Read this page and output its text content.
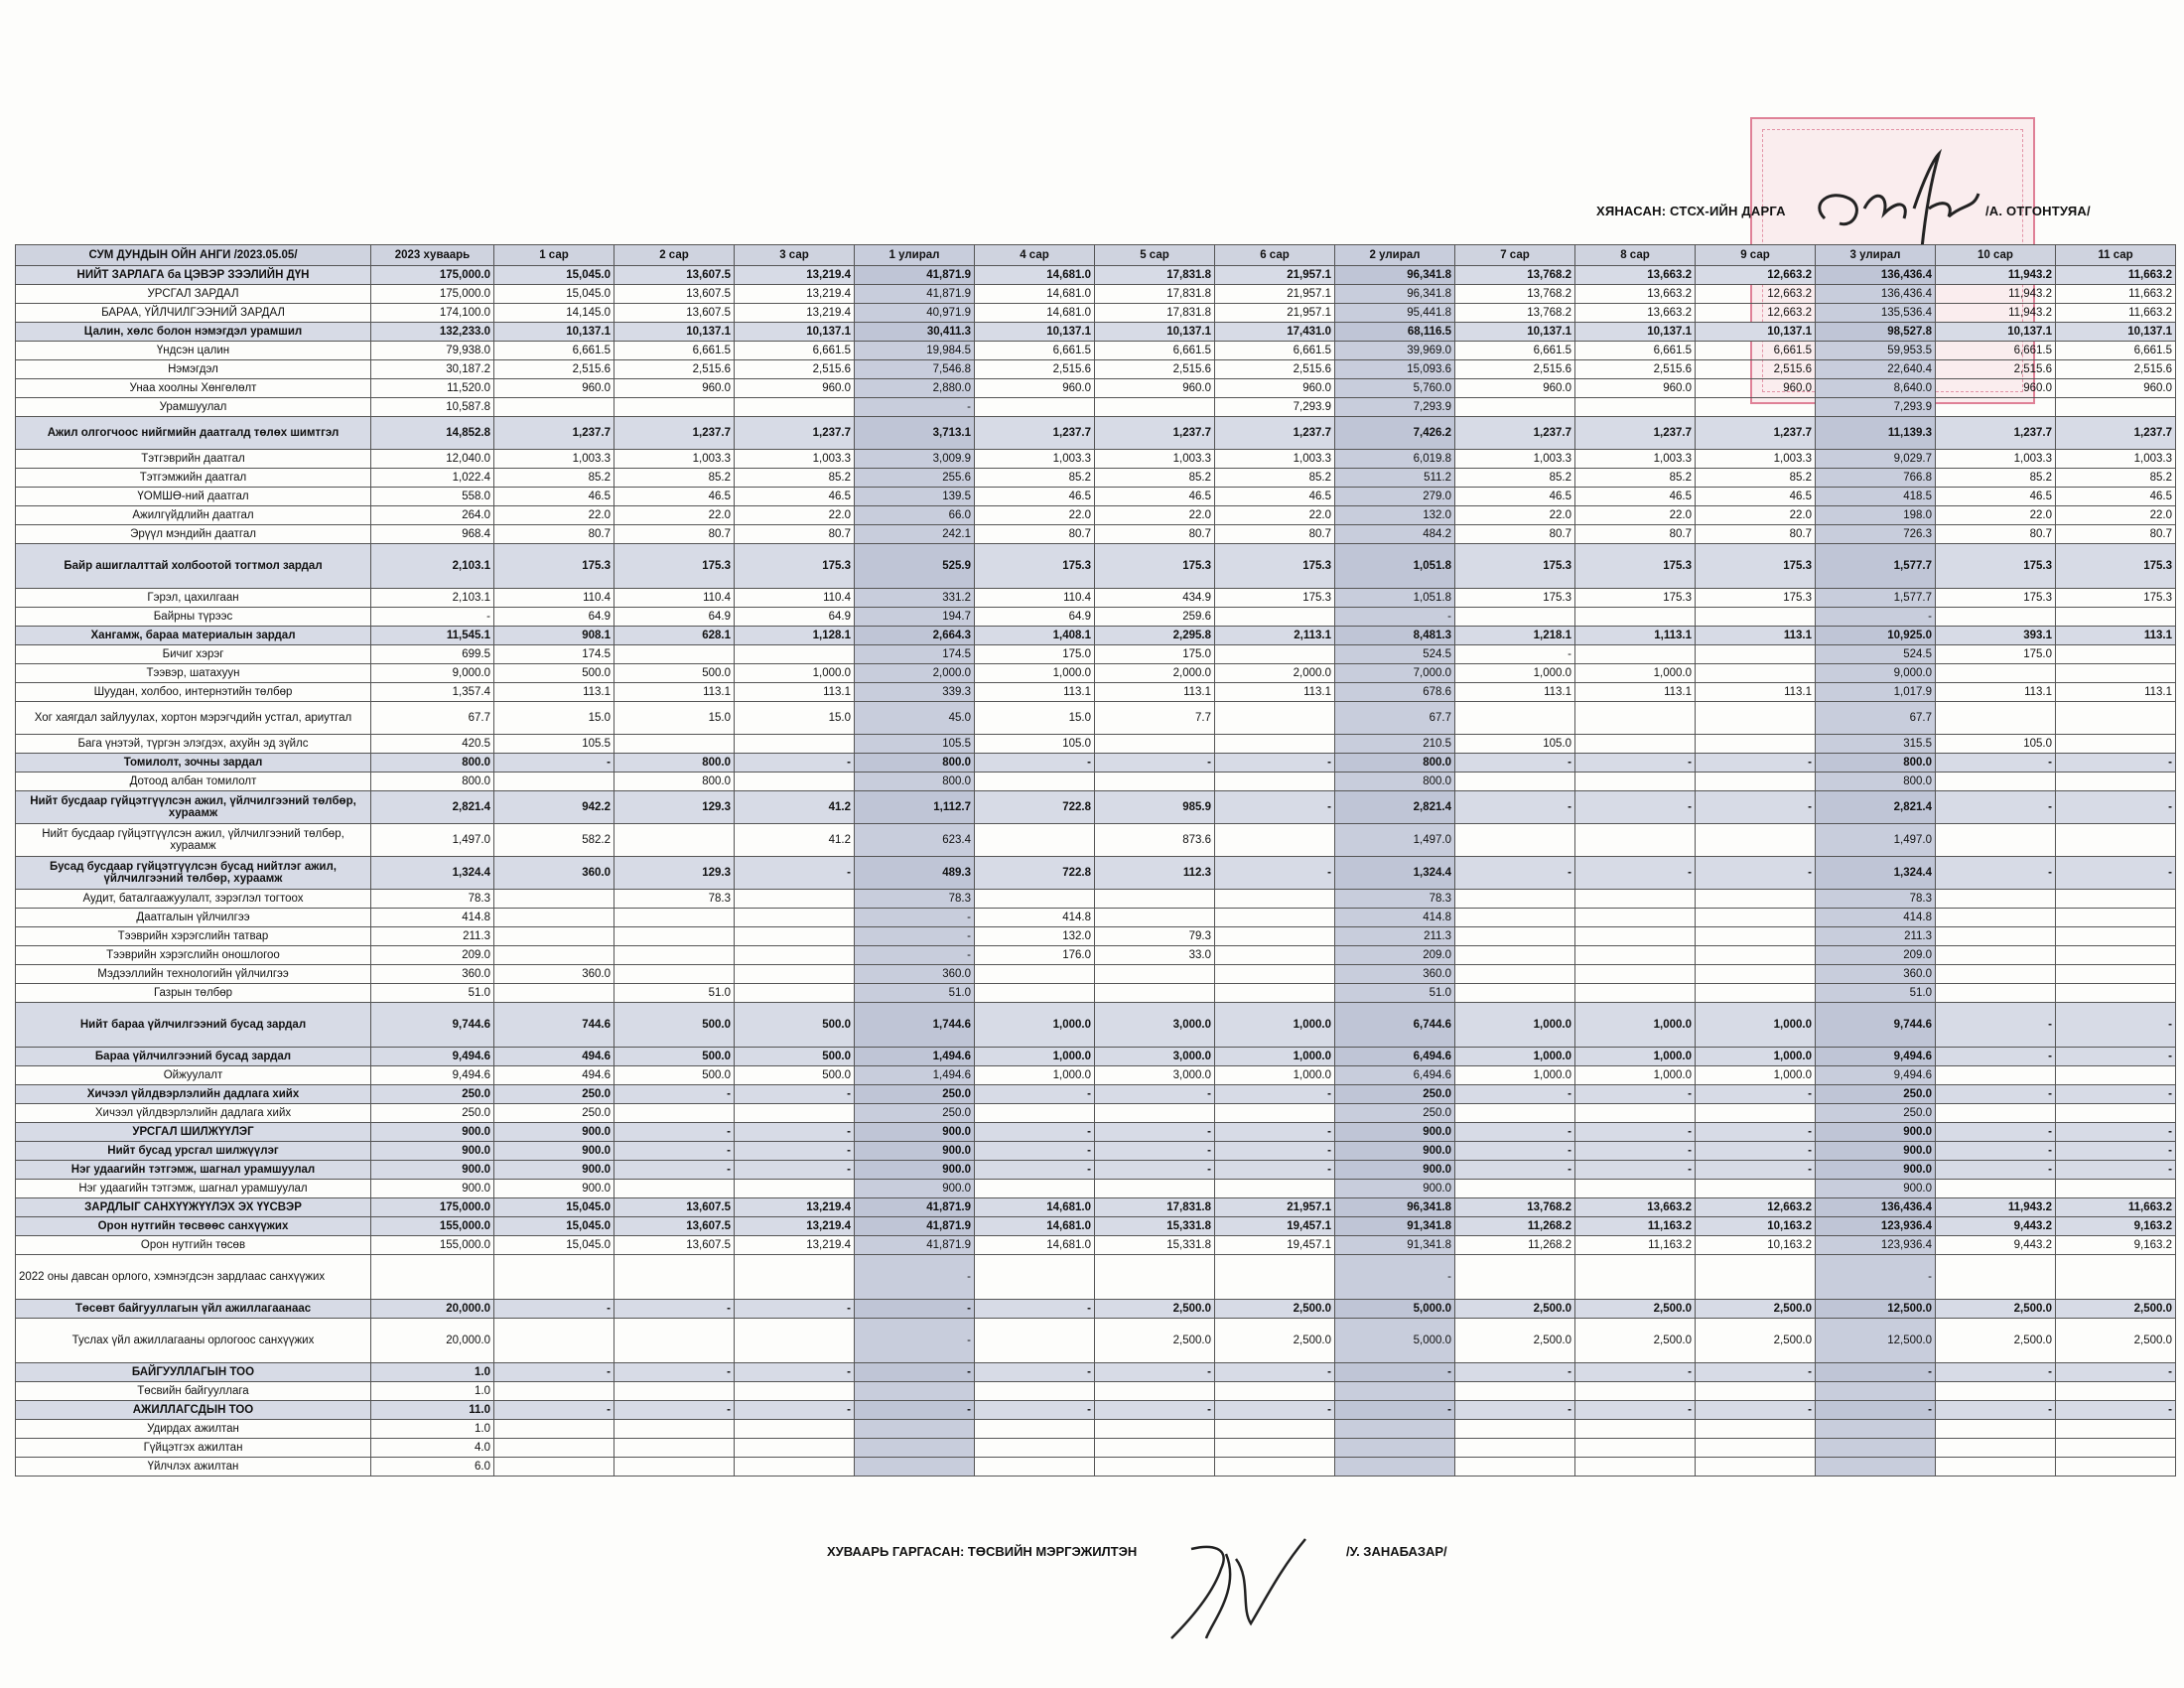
ХЯНАСАН: СТСХ-ИЙН ДАРГА	/А. ОТГОНТУЯА/
СУМ ДУНДЫН ОЙН АНГИ /2023.05.05/	2023 хуваарь	1 сар	2 сар	3 сар	1 улирал	4 сар	5 сар	6 сар	2 улирал	7 сар	8 сар	9 сар	3 улирал	10 сар	11 сар
НИЙТ ЗАРЛАГА ба ЦЭВЭР ЗЭЭЛИЙН ДҮН	175,000.0	15,045.0	13,607.5	13,219.4	41,871.9	14,681.0	17,831.8	21,957.1	96,341.8	13,768.2	13,663.2	12,663.2	136,436.4	11,943.2	11,663.2
УРСГАЛ ЗАРДАЛ	175,000.0	15,045.0	13,607.5	13,219.4	41,871.9	14,681.0	17,831.8	21,957.1	96,341.8	13,768.2	13,663.2	12,663.2	136,436.4	11,943.2	11,663.2
БАРАА, ҮЙЛЧИЛГЭЭНИЙ ЗАРДАЛ	174,100.0	14,145.0	13,607.5	13,219.4	40,971.9	14,681.0	17,831.8	21,957.1	95,441.8	13,768.2	13,663.2	12,663.2	135,536.4	11,943.2	11,663.2
Цалин, хөлс болон нэмэгдэл урамшил	132,233.0	10,137.1	10,137.1	10,137.1	30,411.3	10,137.1	10,137.1	17,431.0	68,116.5	10,137.1	10,137.1	10,137.1	98,527.8	10,137.1	10,137.1
Үндсэн цалин	79,938.0	6,661.5	6,661.5	6,661.5	19,984.5	6,661.5	6,661.5	6,661.5	39,969.0	6,661.5	6,661.5	6,661.5	59,953.5	6,661.5	6,661.5
Нэмэгдэл	30,187.2	2,515.6	2,515.6	2,515.6	7,546.8	2,515.6	2,515.6	2,515.6	15,093.6	2,515.6	2,515.6	2,515.6	22,640.4	2,515.6	2,515.6
Унаа хоолны Хөнгөлөлт	11,520.0	960.0	960.0	960.0	2,880.0	960.0	960.0	960.0	5,760.0	960.0	960.0	960.0	8,640.0	960.0	960.0
Урамшуулал	10,587.8				-			7,293.9	7,293.9				7,293.9		
Ажил олгогчоос нийгмийн даатгалд төлөх шимтгэл	14,852.8	1,237.7	1,237.7	1,237.7	3,713.1	1,237.7	1,237.7	1,237.7	7,426.2	1,237.7	1,237.7	1,237.7	11,139.3	1,237.7	1,237.7
Тэтгэврийн даатгал	12,040.0	1,003.3	1,003.3	1,003.3	3,009.9	1,003.3	1,003.3	1,003.3	6,019.8	1,003.3	1,003.3	1,003.3	9,029.7	1,003.3	1,003.3
Тэтгэмжийн даатгал	1,022.4	85.2	85.2	85.2	255.6	85.2	85.2	85.2	511.2	85.2	85.2	85.2	766.8	85.2	85.2
ҮОМШӨ-ний даатгал	558.0	46.5	46.5	46.5	139.5	46.5	46.5	46.5	279.0	46.5	46.5	46.5	418.5	46.5	46.5
Ажилгүйдлийн даатгал	264.0	22.0	22.0	22.0	66.0	22.0	22.0	22.0	132.0	22.0	22.0	22.0	198.0	22.0	22.0
Эрүүл мэндийн даатгал	968.4	80.7	80.7	80.7	242.1	80.7	80.7	80.7	484.2	80.7	80.7	80.7	726.3	80.7	80.7
Байр ашиглалттай холбоотой тогтмол зардал	2,103.1	175.3	175.3	175.3	525.9	175.3	175.3	175.3	1,051.8	175.3	175.3	175.3	1,577.7	175.3	175.3
Гэрэл, цахилгаан	2,103.1	110.4	110.4	110.4	331.2	110.4	434.9	175.3	1,051.8	175.3	175.3	175.3	1,577.7	175.3	175.3
Байрны түрээс	-	64.9	64.9	64.9	194.7	64.9	259.6		-				-		
Хангамж, бараа материалын зардал	11,545.1	908.1	628.1	1,128.1	2,664.3	1,408.1	2,295.8	2,113.1	8,481.3	1,218.1	1,113.1	113.1	10,925.0	393.1	113.1
Бичиг хэрэг	699.5	174.5			174.5	175.0	175.0		524.5	-			524.5	175.0	
Тээвэр, шатахуун	9,000.0	500.0	500.0	1,000.0	2,000.0	1,000.0	2,000.0	2,000.0	7,000.0	1,000.0	1,000.0		9,000.0		
Шуудан, холбоо, интернэтийн төлбөр	1,357.4	113.1	113.1	113.1	339.3	113.1	113.1	113.1	678.6	113.1	113.1	113.1	1,017.9	113.1	113.1
Хог хаягдал зайлуулах, хортон мэрэгчдийн устгал, ариутгал	67.7	15.0	15.0	15.0	45.0	15.0	7.7		67.7				67.7		
Бага үнэтэй, түргэн элэгдэх, ахуйн эд зүйлс	420.5	105.5			105.5	105.0			210.5	105.0			315.5	105.0	
Томилолт, зочны зардал	800.0	-	800.0	-	800.0	-	-	-	800.0	-	-	-	800.0	-	-
Дотоод албан томилолт	800.0		800.0		800.0				800.0				800.0		
Нийт бусдаар гүйцэтгүүлсэн ажил, үйлчилгээний төлбөр, хураамж	2,821.4	942.2	129.3	41.2	1,112.7	722.8	985.9	-	2,821.4	-	-	-	2,821.4	-	-
Нийт бусдаар гүйцэтгүүлсэн ажил, үйлчилгээний төлбөр, хураамж	1,497.0	582.2		41.2	623.4		873.6		1,497.0				1,497.0		
Бусад бусдаар гүйцэтгүүлсэн бусад нийтлэг ажил, үйлчилгээний төлбөр, хураамж	1,324.4	360.0	129.3	-	489.3	722.8	112.3	-	1,324.4	-	-	-	1,324.4	-	-
Аудит, баталгаажуулалт, зэрэглэл тогтоох	78.3		78.3		78.3				78.3				78.3		
Даатгалын үйлчилгээ	414.8				-	414.8			414.8				414.8		
Тээврийн хэрэгслийн татвар	211.3				-	132.0	79.3		211.3				211.3		
Тээврийн хэрэгслийн оношлогоо	209.0				-	176.0	33.0		209.0				209.0		
Мэдээллийн технологийн үйлчилгээ	360.0	360.0			360.0				360.0				360.0		
Газрын төлбөр	51.0		51.0		51.0				51.0				51.0		
Нийт бараа үйлчилгээний бусад зардал	9,744.6	744.6	500.0	500.0	1,744.6	1,000.0	3,000.0	1,000.0	6,744.6	1,000.0	1,000.0	1,000.0	9,744.6	-	-
Бараа үйлчилгээний бусад зардал	9,494.6	494.6	500.0	500.0	1,494.6	1,000.0	3,000.0	1,000.0	6,494.6	1,000.0	1,000.0	1,000.0	9,494.6	-	-
Ойжуулалт	9,494.6	494.6	500.0	500.0	1,494.6	1,000.0	3,000.0	1,000.0	6,494.6	1,000.0	1,000.0	1,000.0	9,494.6		
Хичээл үйлдвэрлэлийн дадлага хийх	250.0	250.0	-	-	250.0	-	-	-	250.0	-	-	-	250.0	-	-
Хичээл үйлдвэрлэлийн дадлага хийх	250.0	250.0			250.0				250.0				250.0		
УРСГАЛ ШИЛЖҮҮЛЭГ	900.0	900.0	-	-	900.0	-	-	-	900.0	-	-	-	900.0	-	-
Нийт бусад урсгал шилжүүлэг	900.0	900.0	-	-	900.0	-	-	-	900.0	-	-	-	900.0	-	-
Нэг удаагийн тэтгэмж, шагнал урамшуулал	900.0	900.0	-	-	900.0	-	-	-	900.0	-	-	-	900.0	-	-
Нэг удаагийн тэтгэмж, шагнал урамшуулал	900.0	900.0			900.0				900.0				900.0		
ЗАРДЛЫГ САНХҮҮЖҮҮЛЭХ ЭХ ҮҮСВЭР	175,000.0	15,045.0	13,607.5	13,219.4	41,871.9	14,681.0	17,831.8	21,957.1	96,341.8	13,768.2	13,663.2	12,663.2	136,436.4	11,943.2	11,663.2
Орон нутгийн төсвөөс санхүүжих	155,000.0	15,045.0	13,607.5	13,219.4	41,871.9	14,681.0	15,331.8	19,457.1	91,341.8	11,268.2	11,163.2	10,163.2	123,936.4	9,443.2	9,163.2
Орон нутгийн төсөв	155,000.0	15,045.0	13,607.5	13,219.4	41,871.9	14,681.0	15,331.8	19,457.1	91,341.8	11,268.2	11,163.2	10,163.2	123,936.4	9,443.2	9,163.2
2022 оны давсан орлого, хэмнэгдсэн зардлаас санхүүжих					-				-				-		
Төсөвт байгууллагын үйл ажиллагаанаас	20,000.0	-	-	-	-	-	2,500.0	2,500.0	5,000.0	2,500.0	2,500.0	2,500.0	12,500.0	2,500.0	2,500.0
Туслах үйл ажиллагааны орлогоос санхүүжих	20,000.0				-		2,500.0	2,500.0	5,000.0	2,500.0	2,500.0	2,500.0	12,500.0	2,500.0	2,500.0
БАЙГУУЛЛАГЫН ТОО	1.0	-	-	-	-	-	-	-	-	-	-	-	-	-	-
Төсвийн байгууллага	1.0														
АЖИЛЛАГСДЫН ТОО	11.0	-	-	-	-	-	-	-	-	-	-	-	-	-	-
Удирдах ажилтан	1.0														
Гүйцэтгэх ажилтан	4.0														
Үйлчлэх ажилтан	6.0														
ХУВААРЬ ГАРГАСАН: ТӨСВИЙН МЭРГЭЖИЛТЭН	/У. ЗАНАБАЗАР/
